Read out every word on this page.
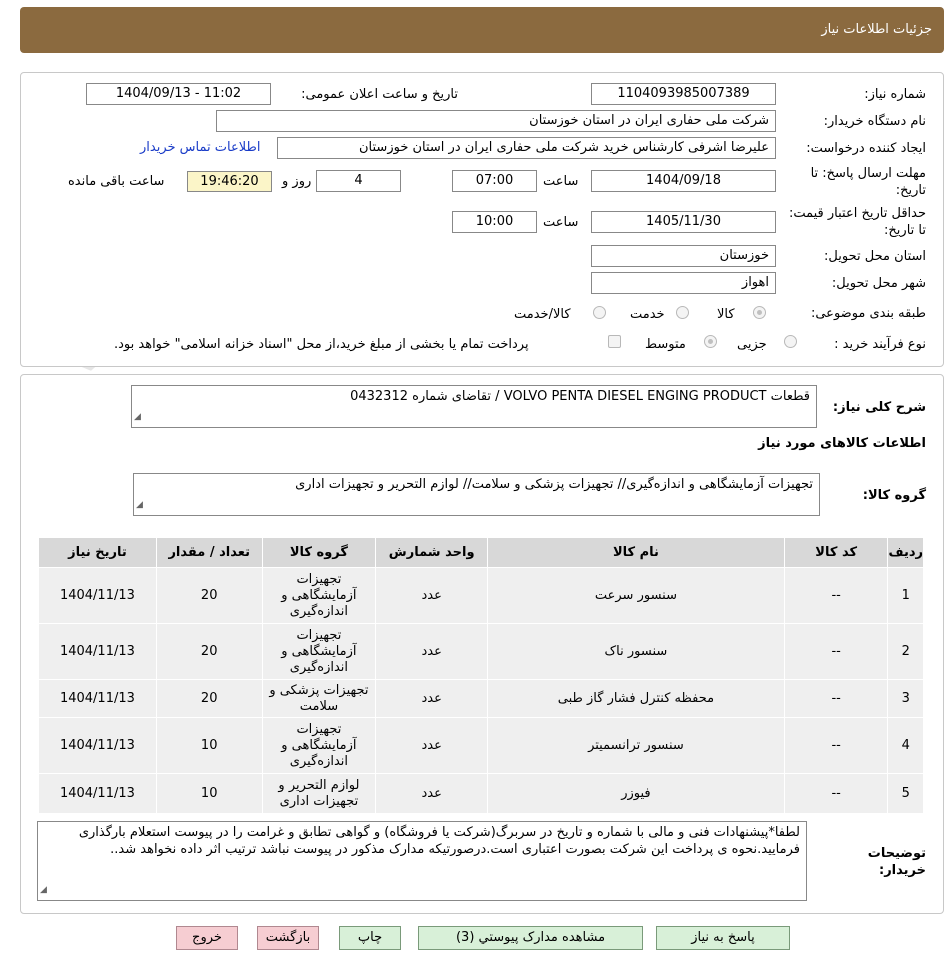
جزئیات اطلاعات نیاز
شماره نیاز:
1104093985007389
تاریخ و ساعت اعلان عمومی:
1404/09/13 - 11:02
نام دستگاه خریدار:
شرکت ملی حفاری ایران در استان خوزستان
ایجاد کننده درخواست:
علیرضا اشرفی کارشناس خرید شرکت ملی حفاری ایران در استان خوزستان
اطلاعات تماس خریدار
مهلت ارسال پاسخ: تا تاریخ:
1404/09/18
ساعت
07:00
4
روز و
19:46:20
ساعت باقی مانده
حداقل تاریخ اعتبار قیمت: تا تاریخ:
1405/11/30
ساعت
10:00
استان محل تحویل:
خوزستان
شهر محل تحویل:
اهواز
طبقه بندی موضوعی:
کالا
خدمت
کالا/خدمت
نوع فرآیند خرید :
جزیی
متوسط
پرداخت تمام یا بخشی از مبلغ خرید،از محل "اسناد خزانه اسلامی" خواهد بود.
شرح کلی نیاز:
قطعات VOLVO PENTA DIESEL ENGING PRODUCT / تقاضای شماره 0432312
◢
اطلاعات کالاهای مورد نیاز
گروه کالا:
تجهیزات آزمایشگاهی و اندازه‌گیری// تجهیزات پزشکی و سلامت// لوازم التحریر و تجهیزات اداری
◢
ردیف	کد کالا	نام کالا	واحد شمارش	گروه کالا	تعداد / مقدار	تاریخ نیاز
1	--	سنسور سرعت	عدد	تجهیزات آزمایشگاهی و اندازه‌گیری	20	1404/11/13
2	--	سنسور ناک	عدد	تجهیزات آزمایشگاهی و اندازه‌گیری	20	1404/11/13
3	--	محفظه کنترل فشار گاز طبی	عدد	تجهیزات پزشکی و سلامت	20	1404/11/13
4	--	سنسور ترانسمیتر	عدد	تجهیزات آزمایشگاهی و اندازه‌گیری	10	1404/11/13
5	--	فیوزر	عدد	لوازم التحریر و تجهیزات اداری	10	1404/11/13
توضیحات خریدار:
لطفا*پیشنهادات فنی و مالی با شماره و تاریخ در سربرگ(شرکت یا فروشگاه) و گواهی تطابق و غرامت را در پیوست استعلام بارگذاری فرمایید.نحوه ی پرداخت این شرکت بصورت اعتباری است.درصورتیکه مدارک مذکور در پیوست نباشد ترتیب اثر داده نخواهد شد..
◢
پاسخ به نیاز
مشاهده مدارک پیوستي (3)
چاپ
بازگشت
خروج
